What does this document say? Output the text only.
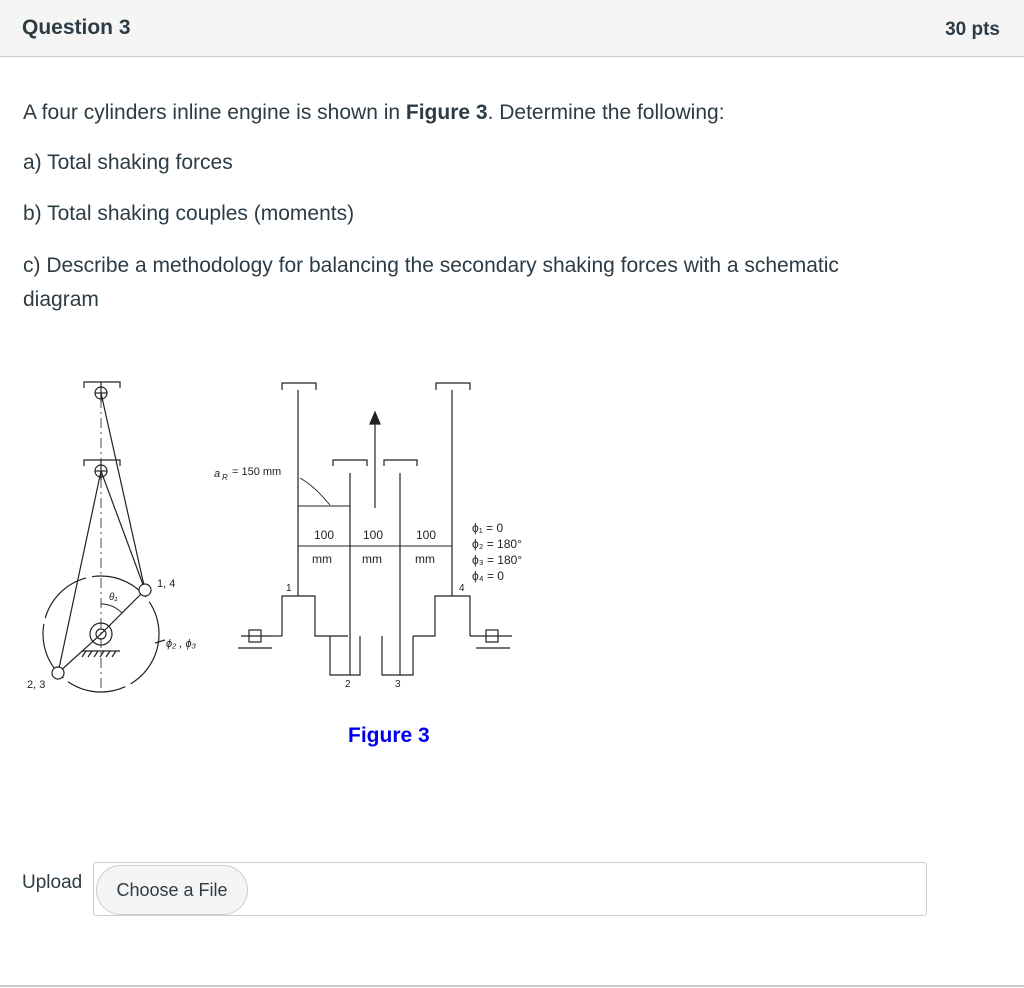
Question 3	30 pts
A four cylinders inline engine is shown in Figure 3. Determine the following:
a) Total shaking forces
b) Total shaking couples (moments)
c) Describe a methodology for balancing the secondary shaking forces with a schematic
diagram
1, 4
2, 3
θ₁
ϕ₂ , ϕ₃
a R = 150 mm
100
mm
100
mm
100
mm
ϕ₁ = 0
ϕ₂ = 180°
ϕ₃ = 180°
ϕ₄ = 0
1
2	3
4
Figure 3
Upload	Choose a File
